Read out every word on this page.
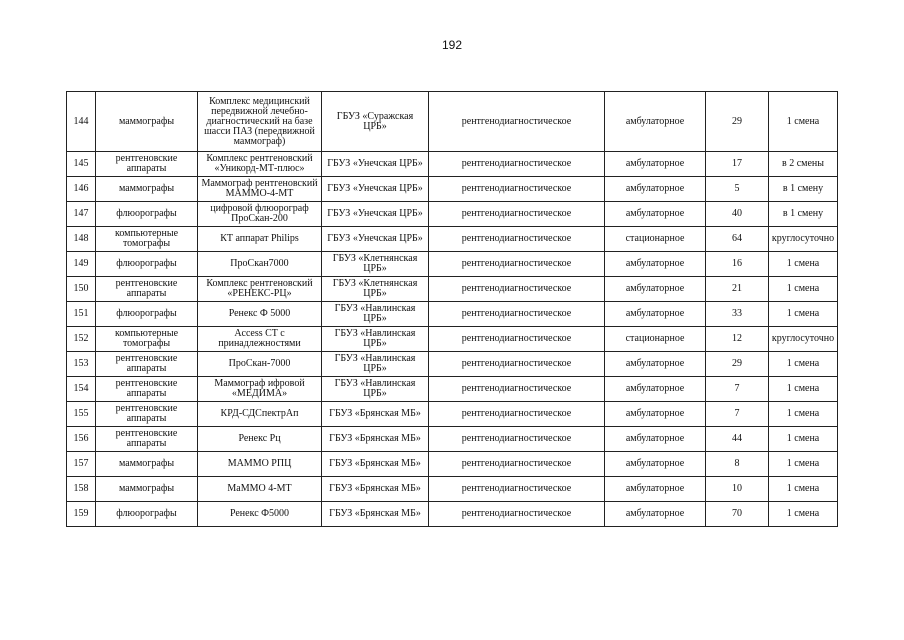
192
144	маммографы	Комплекс медицинский передвижной лечебно-диагностический на базе шасси ПАЗ (передвижной маммограф)	ГБУЗ «Суражская ЦРБ»	рентгенодиагностическое	амбулаторное	29	1 смена
145	рентгеновские аппараты	Комплекс рентгеновский «Уникорд-МТ-плюс»	ГБУЗ «Унечская ЦРБ»	рентгенодиагностическое	амбулаторное	17	в 2 смены
146	маммографы	Маммограф рентгеновский МАММО-4-МТ	ГБУЗ «Унечская ЦРБ»	рентгенодиагностическое	амбулаторное	5	в 1 смену
147	флюорографы	цифровой флюорограф ПроСкан-200	ГБУЗ «Унечская ЦРБ»	рентгенодиагностическое	амбулаторное	40	в 1 смену
148	компьютерные томографы	КТ аппарат Philips	ГБУЗ «Унечская ЦРБ»	рентгенодиагностическое	стационарное	64	круглосуточно
149	флюорографы	ПроСкан7000	ГБУЗ «Клетнянская ЦРБ»	рентгенодиагностическое	амбулаторное	16	1 смена
150	рентгеновские аппараты	Комплекс рентгеновский «РЕНЕКС-РЦ»	ГБУЗ «Клетнянская ЦРБ»	рентгенодиагностическое	амбулаторное	21	1 смена
151	флюорографы	Ренекс Ф 5000	ГБУЗ «Навлинская ЦРБ»	рентгенодиагностическое	амбулаторное	33	1 смена
152	компьютерные томографы	Access CT с принадлежностями	ГБУЗ «Навлинская ЦРБ»	рентгенодиагностическое	стационарное	12	круглосуточно
153	рентгеновские аппараты	ПроСкан-7000	ГБУЗ «Навлинская ЦРБ»	рентгенодиагностическое	амбулаторное	29	1 смена
154	рентгеновские аппараты	Маммограф ифровой «МЕДИМА»	ГБУЗ «Навлинская ЦРБ»	рентгенодиагностическое	амбулаторное	7	1 смена
155	рентгеновские аппараты	КРД-СДСпектрАп	ГБУЗ «Брянская МБ»	рентгенодиагностическое	амбулаторное	7	1 смена
156	рентгеновские аппараты	Ренекс Рц	ГБУЗ «Брянская МБ»	рентгенодиагностическое	амбулаторное	44	1 смена
157	маммографы	МАММО РПЦ	ГБУЗ «Брянская МБ»	рентгенодиагностическое	амбулаторное	8	1 смена
158	маммографы	МаММО 4-МТ	ГБУЗ «Брянская МБ»	рентгенодиагностическое	амбулаторное	10	1 смена
159	флюорографы	Ренекс Ф5000	ГБУЗ «Брянская МБ»	рентгенодиагностическое	амбулаторное	70	1 смена
